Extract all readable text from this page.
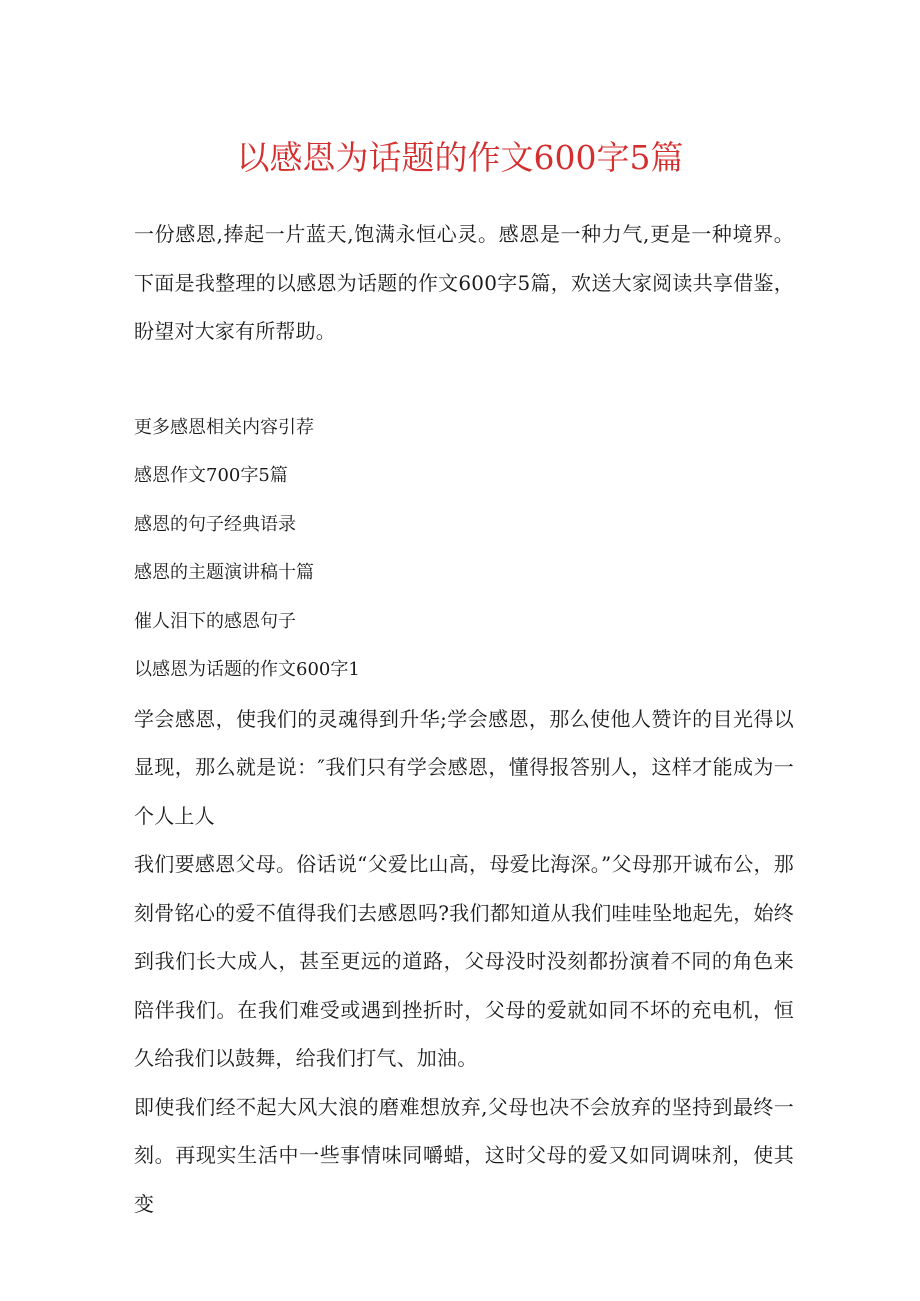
以感恩为话题的作文600字5篇

一份感恩,捧起一片蓝天,饱满永恒心灵。感恩是一种力气,更是一种境界。下面是我整理的以感恩为话题的作文600字5篇，欢送大家阅读共享借鉴，盼望对大家有所帮助。

更多感恩相关内容引荐

感恩作文700字5篇

感恩的句子经典语录

感恩的主题演讲稿十篇

催人泪下的感恩句子

以感恩为话题的作文600字1

学会感恩，使我们的灵魂得到升华;学会感恩，那么使他人赞许的目光得以显现，那么就是说：″我们只有学会感恩，懂得报答别人，这样才能成为一个人上人

我们要感恩父母。俗话说“父爱比山高，母爱比海深。”父母那开诚布公，那刻骨铭心的爱不值得我们去感恩吗?我们都知道从我们哇哇坠地起先，始终到我们长大成人，甚至更远的道路，父母没时没刻都扮演着不同的角色来陪伴我们。在我们难受或遇到挫折时，父母的爱就如同不坏的充电机，恒久给我们以鼓舞，给我们打气、加油。

即使我们经不起大风大浪的磨难想放弃,父母也决不会放弃的坚持到最终一刻。再现实生活中一些事情味同嚼蜡，这时父母的爱又如同调味剂，使其变
